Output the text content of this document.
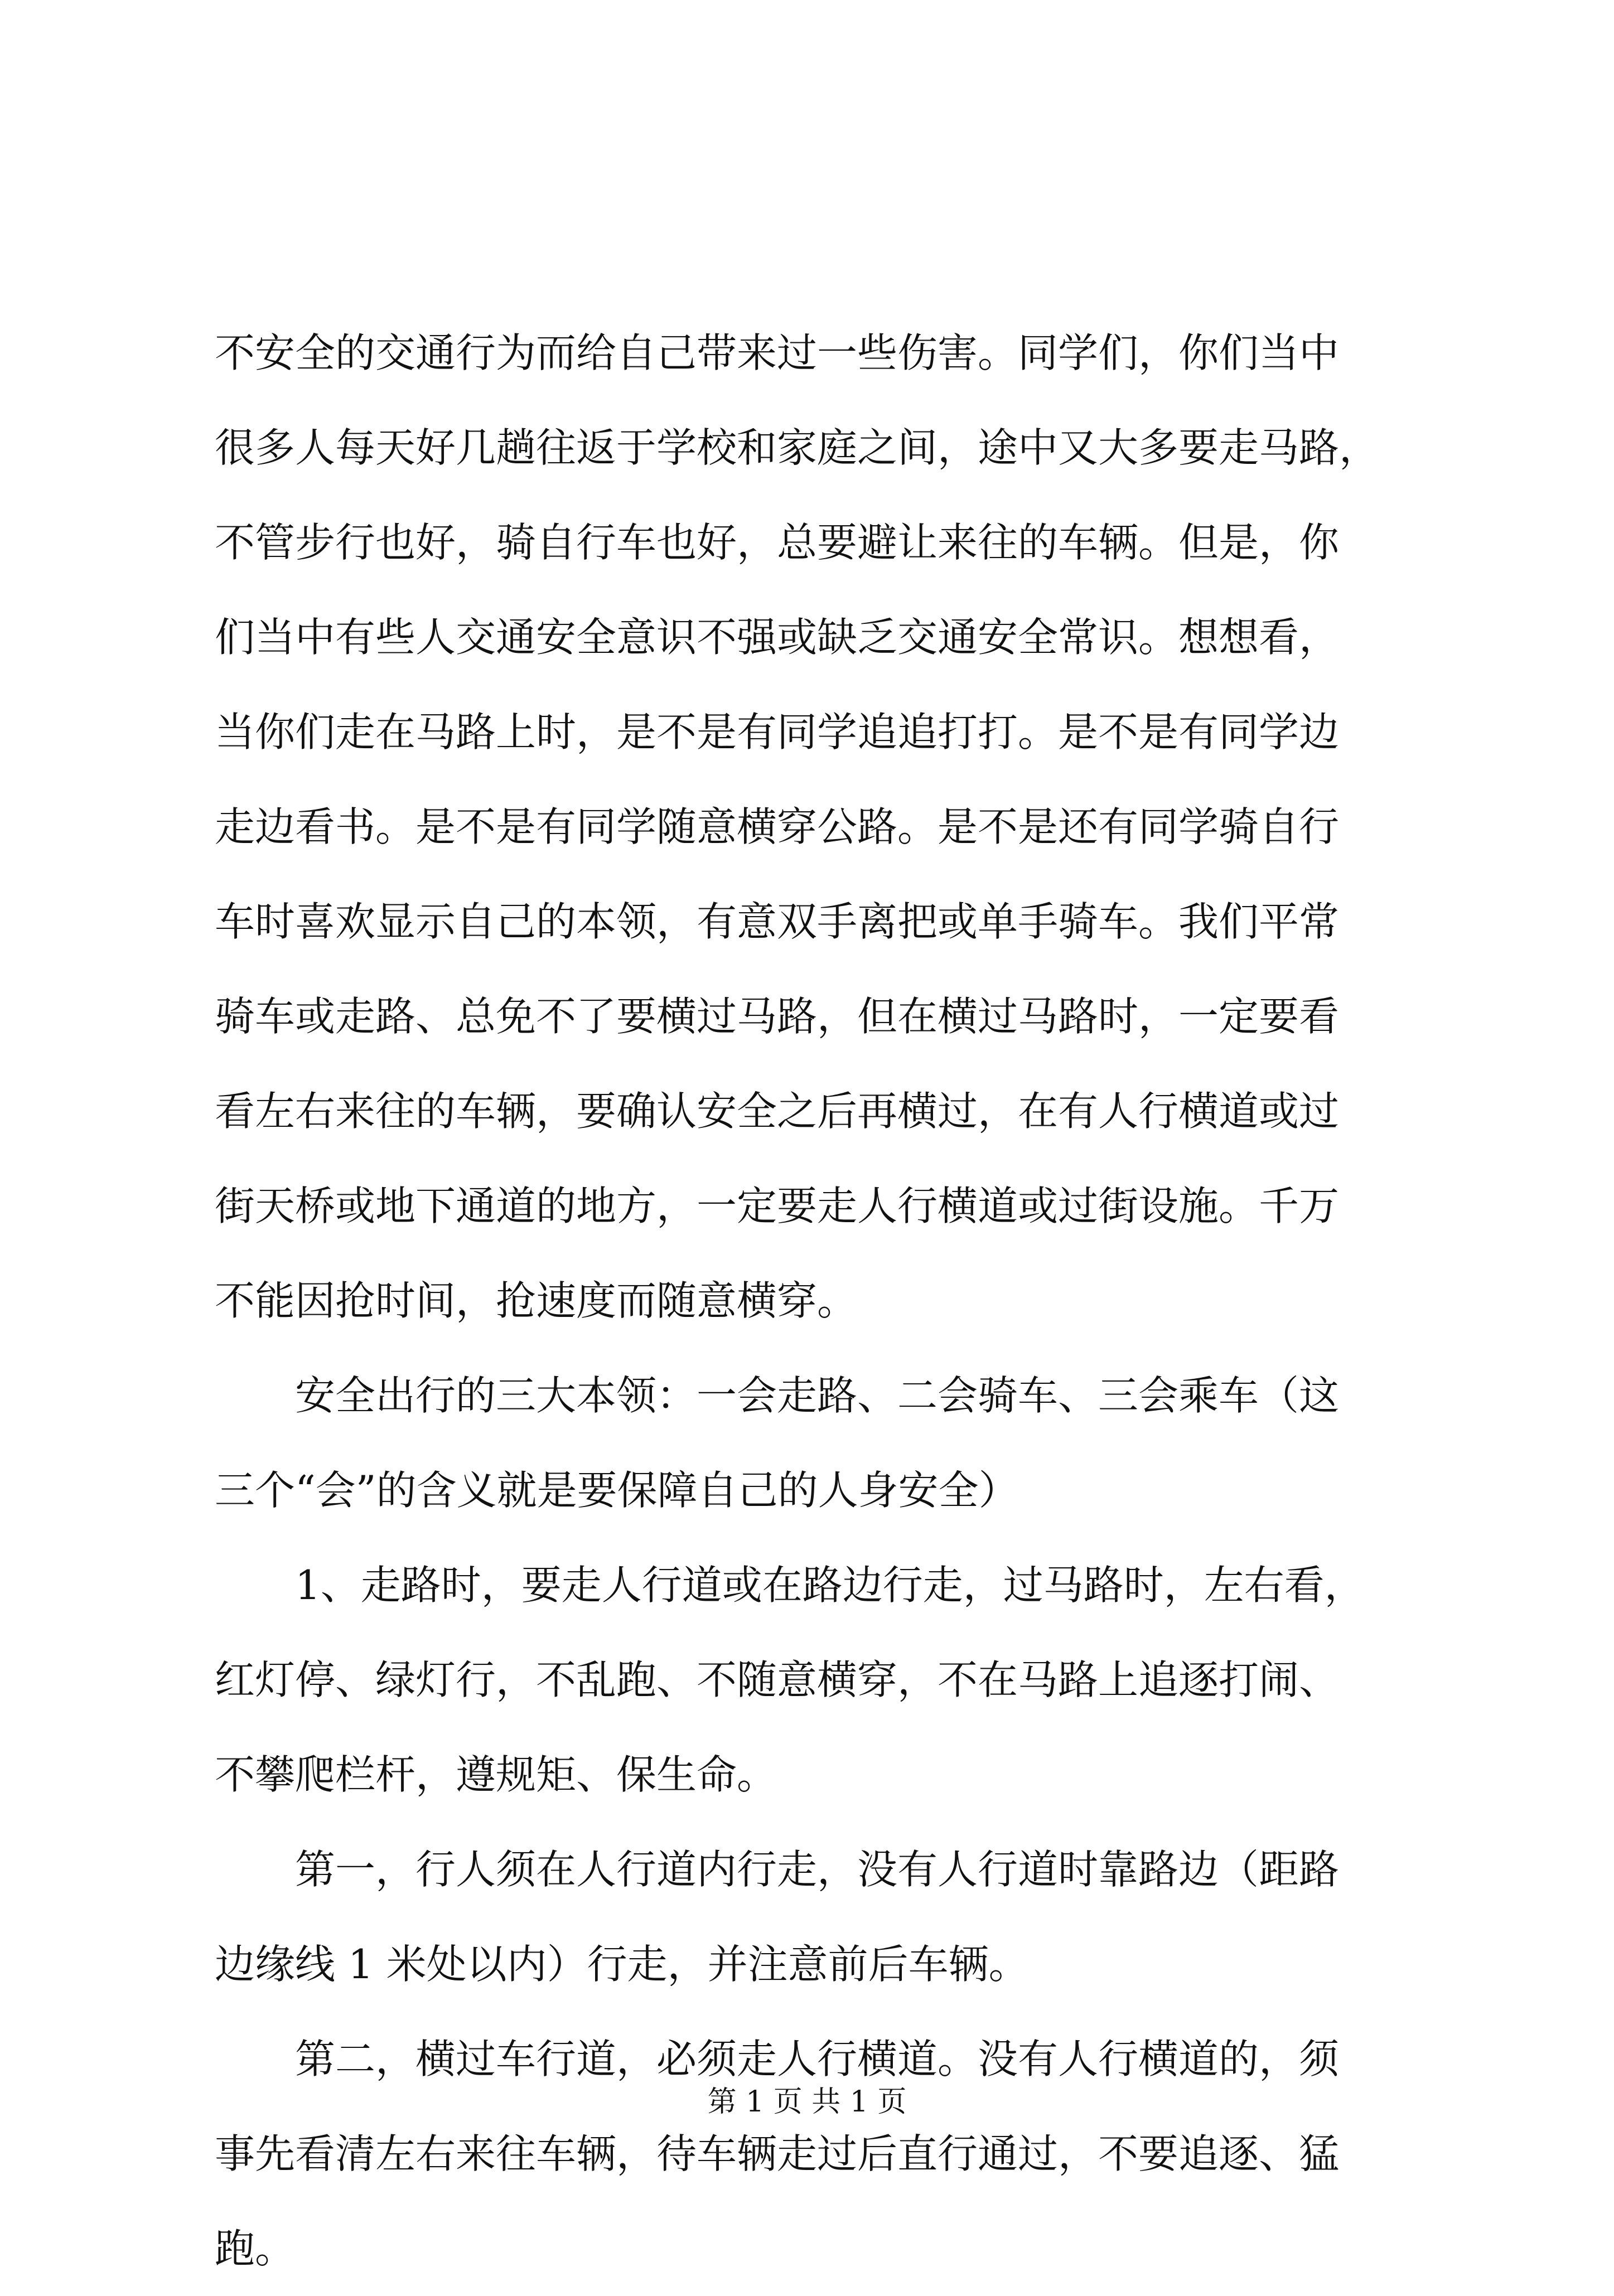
不安全的交通行为而给自己带来过一些伤害。同学们，你们当中
很多人每天好几趟往返于学校和家庭之间，途中又大多要走马路，
不管步行也好，骑自行车也好，总要避让来往的车辆。但是，你
们当中有些人交通安全意识不强或缺乏交通安全常识。想想看，
当你们走在马路上时，是不是有同学追追打打。是不是有同学边
走边看书。是不是有同学随意横穿公路。是不是还有同学骑自行
车时喜欢显示自己的本领，有意双手离把或单手骑车。我们平常
骑车或走路、总免不了要横过马路，但在横过马路时，一定要看
看左右来往的车辆，要确认安全之后再横过，在有人行横道或过
街天桥或地下通道的地方，一定要走人行横道或过街设施。千万
不能因抢时间，抢速度而随意横穿。
　　安全出行的三大本领：一会走路、二会骑车、三会乘车（这
三个“会”的含义就是要保障自己的人身安全）
　　1、走路时，要走人行道或在路边行走，过马路时，左右看，
红灯停、绿灯行，不乱跑、不随意横穿，不在马路上追逐打闹、
不攀爬栏杆，遵规矩、保生命。
　　第一，行人须在人行道内行走，没有人行道时靠路边（距路
边缘线 1 米处以内）行走，并注意前后车辆。
　　第二，横过车行道，必须走人行横道。没有人行横道的，须
事先看清左右来往车辆，待车辆走过后直行通过，不要追逐、猛
跑。
第 1 页 共 1 页
